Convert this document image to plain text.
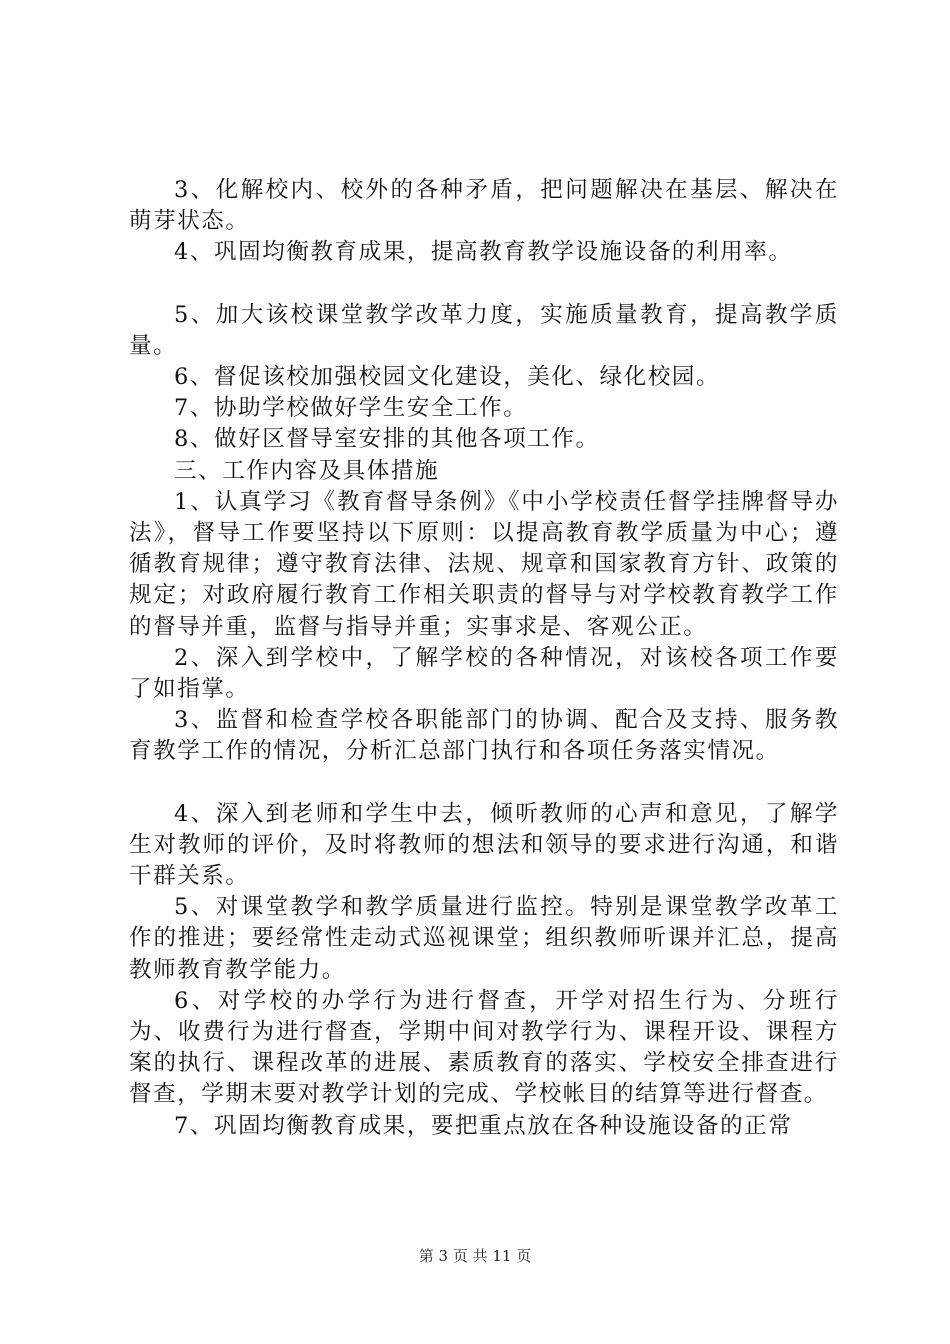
3、化解校内、校外的各种矛盾，把问题解决在基层、解决在萌芽状态。

4、巩固均衡教育成果，提高教育教学设施设备的利用率。

5、加大该校课堂教学改革力度，实施质量教育，提高教学质量。

6、督促该校加强校园文化建设，美化、绿化校园。

7、协助学校做好学生安全工作。

8、做好区督导室安排的其他各项工作。

三、工作内容及具体措施

1、认真学习《教育督导条例》《中小学校责任督学挂牌督导办法》，督导工作要坚持以下原则：以提高教育教学质量为中心；遵循教育规律；遵守教育法律、法规、规章和国家教育方针、政策的规定；对政府履行教育工作相关职责的督导与对学校教育教学工作的督导并重，监督与指导并重；实事求是、客观公正。

2、深入到学校中，了解学校的各种情况，对该校各项工作要了如指掌。

3、监督和检查学校各职能部门的协调、配合及支持、服务教育教学工作的情况，分析汇总部门执行和各项任务落实情况。

4、深入到老师和学生中去，倾听教师的心声和意见，了解学生对教师的评价，及时将教师的想法和领导的要求进行沟通，和谐干群关系。

5、对课堂教学和教学质量进行监控。特别是课堂教学改革工作的推进；要经常性走动式巡视课堂；组织教师听课并汇总，提高教师教育教学能力。

6、对学校的办学行为进行督查，开学对招生行为、分班行为、收费行为进行督查，学期中间对教学行为、课程开设、课程方案的执行、课程改革的进展、素质教育的落实、学校安全排查进行督查，学期末要对教学计划的完成、学校帐目的结算等进行督查。

7、巩固均衡教育成果，要把重点放在各种设施设备的正常

第 3 页 共 11 页
